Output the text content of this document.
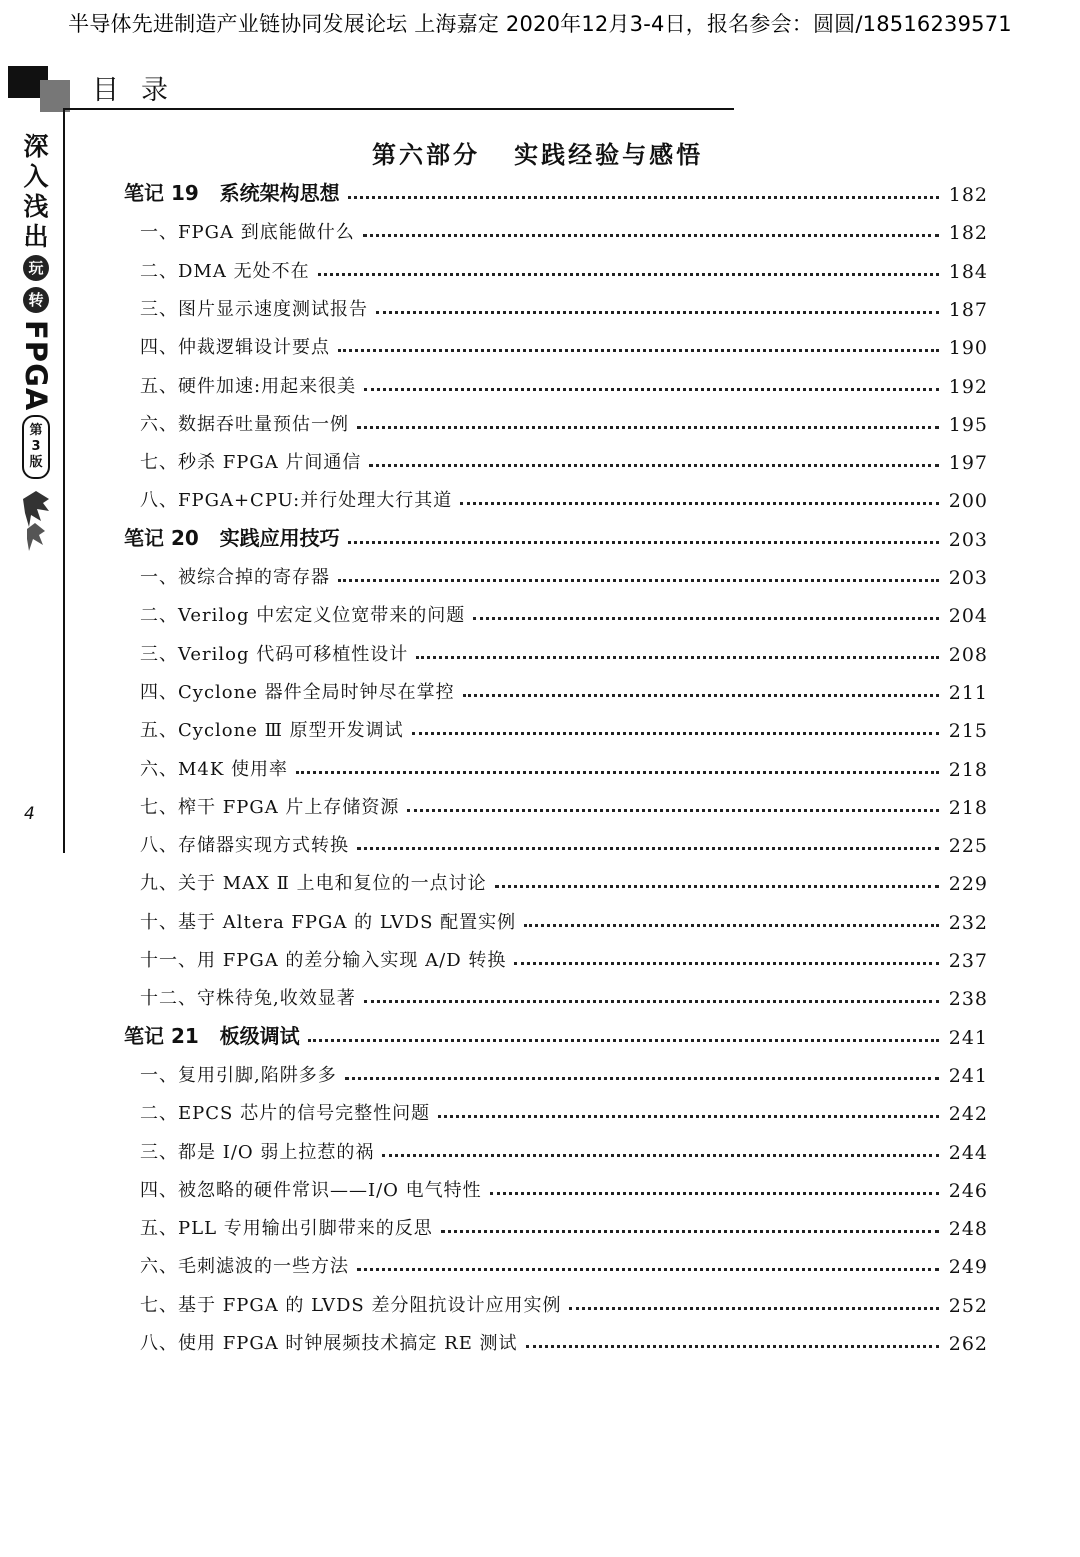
半导体先进制造产业链协同发展论坛 上海嘉定 2020年12月3-4日，报名参会：圆圆/18516239571
目录
深
入
浅
出
玩
转
FPGA
第
3
版
4
第六部分   实践经验与感悟
笔记 19   系统架构思想	182
一、FPGA 到底能做什么	182
二、DMA 无处不在	184
三、图片显示速度测试报告	187
四、仲裁逻辑设计要点	190
五、硬件加速:用起来很美	192
六、数据吞吐量预估一例	195
七、秒杀 FPGA 片间通信	197
八、FPGA+CPU:并行处理大行其道	200
笔记 20   实践应用技巧	203
一、被综合掉的寄存器	203
二、Verilog 中宏定义位宽带来的问题	204
三、Verilog 代码可移植性设计	208
四、Cyclone 器件全局时钟尽在掌控	211
五、Cyclone Ⅲ 原型开发调试	215
六、M4K 使用率	218
七、榨干 FPGA 片上存储资源	218
八、存储器实现方式转换	225
九、关于 MAX Ⅱ 上电和复位的一点讨论	229
十、基于 Altera FPGA 的 LVDS 配置实例	232
十一、用 FPGA 的差分输入实现 A/D 转换	237
十二、守株待兔,收效显著	238
笔记 21   板级调试	241
一、复用引脚,陷阱多多	241
二、EPCS 芯片的信号完整性问题	242
三、都是 I/O 弱上拉惹的祸	244
四、被忽略的硬件常识——I/O 电气特性	246
五、PLL 专用输出引脚带来的反思	248
六、毛刺滤波的一些方法	249
七、基于 FPGA 的 LVDS 差分阻抗设计应用实例	252
八、使用 FPGA 时钟展频技术搞定 RE 测试	262
